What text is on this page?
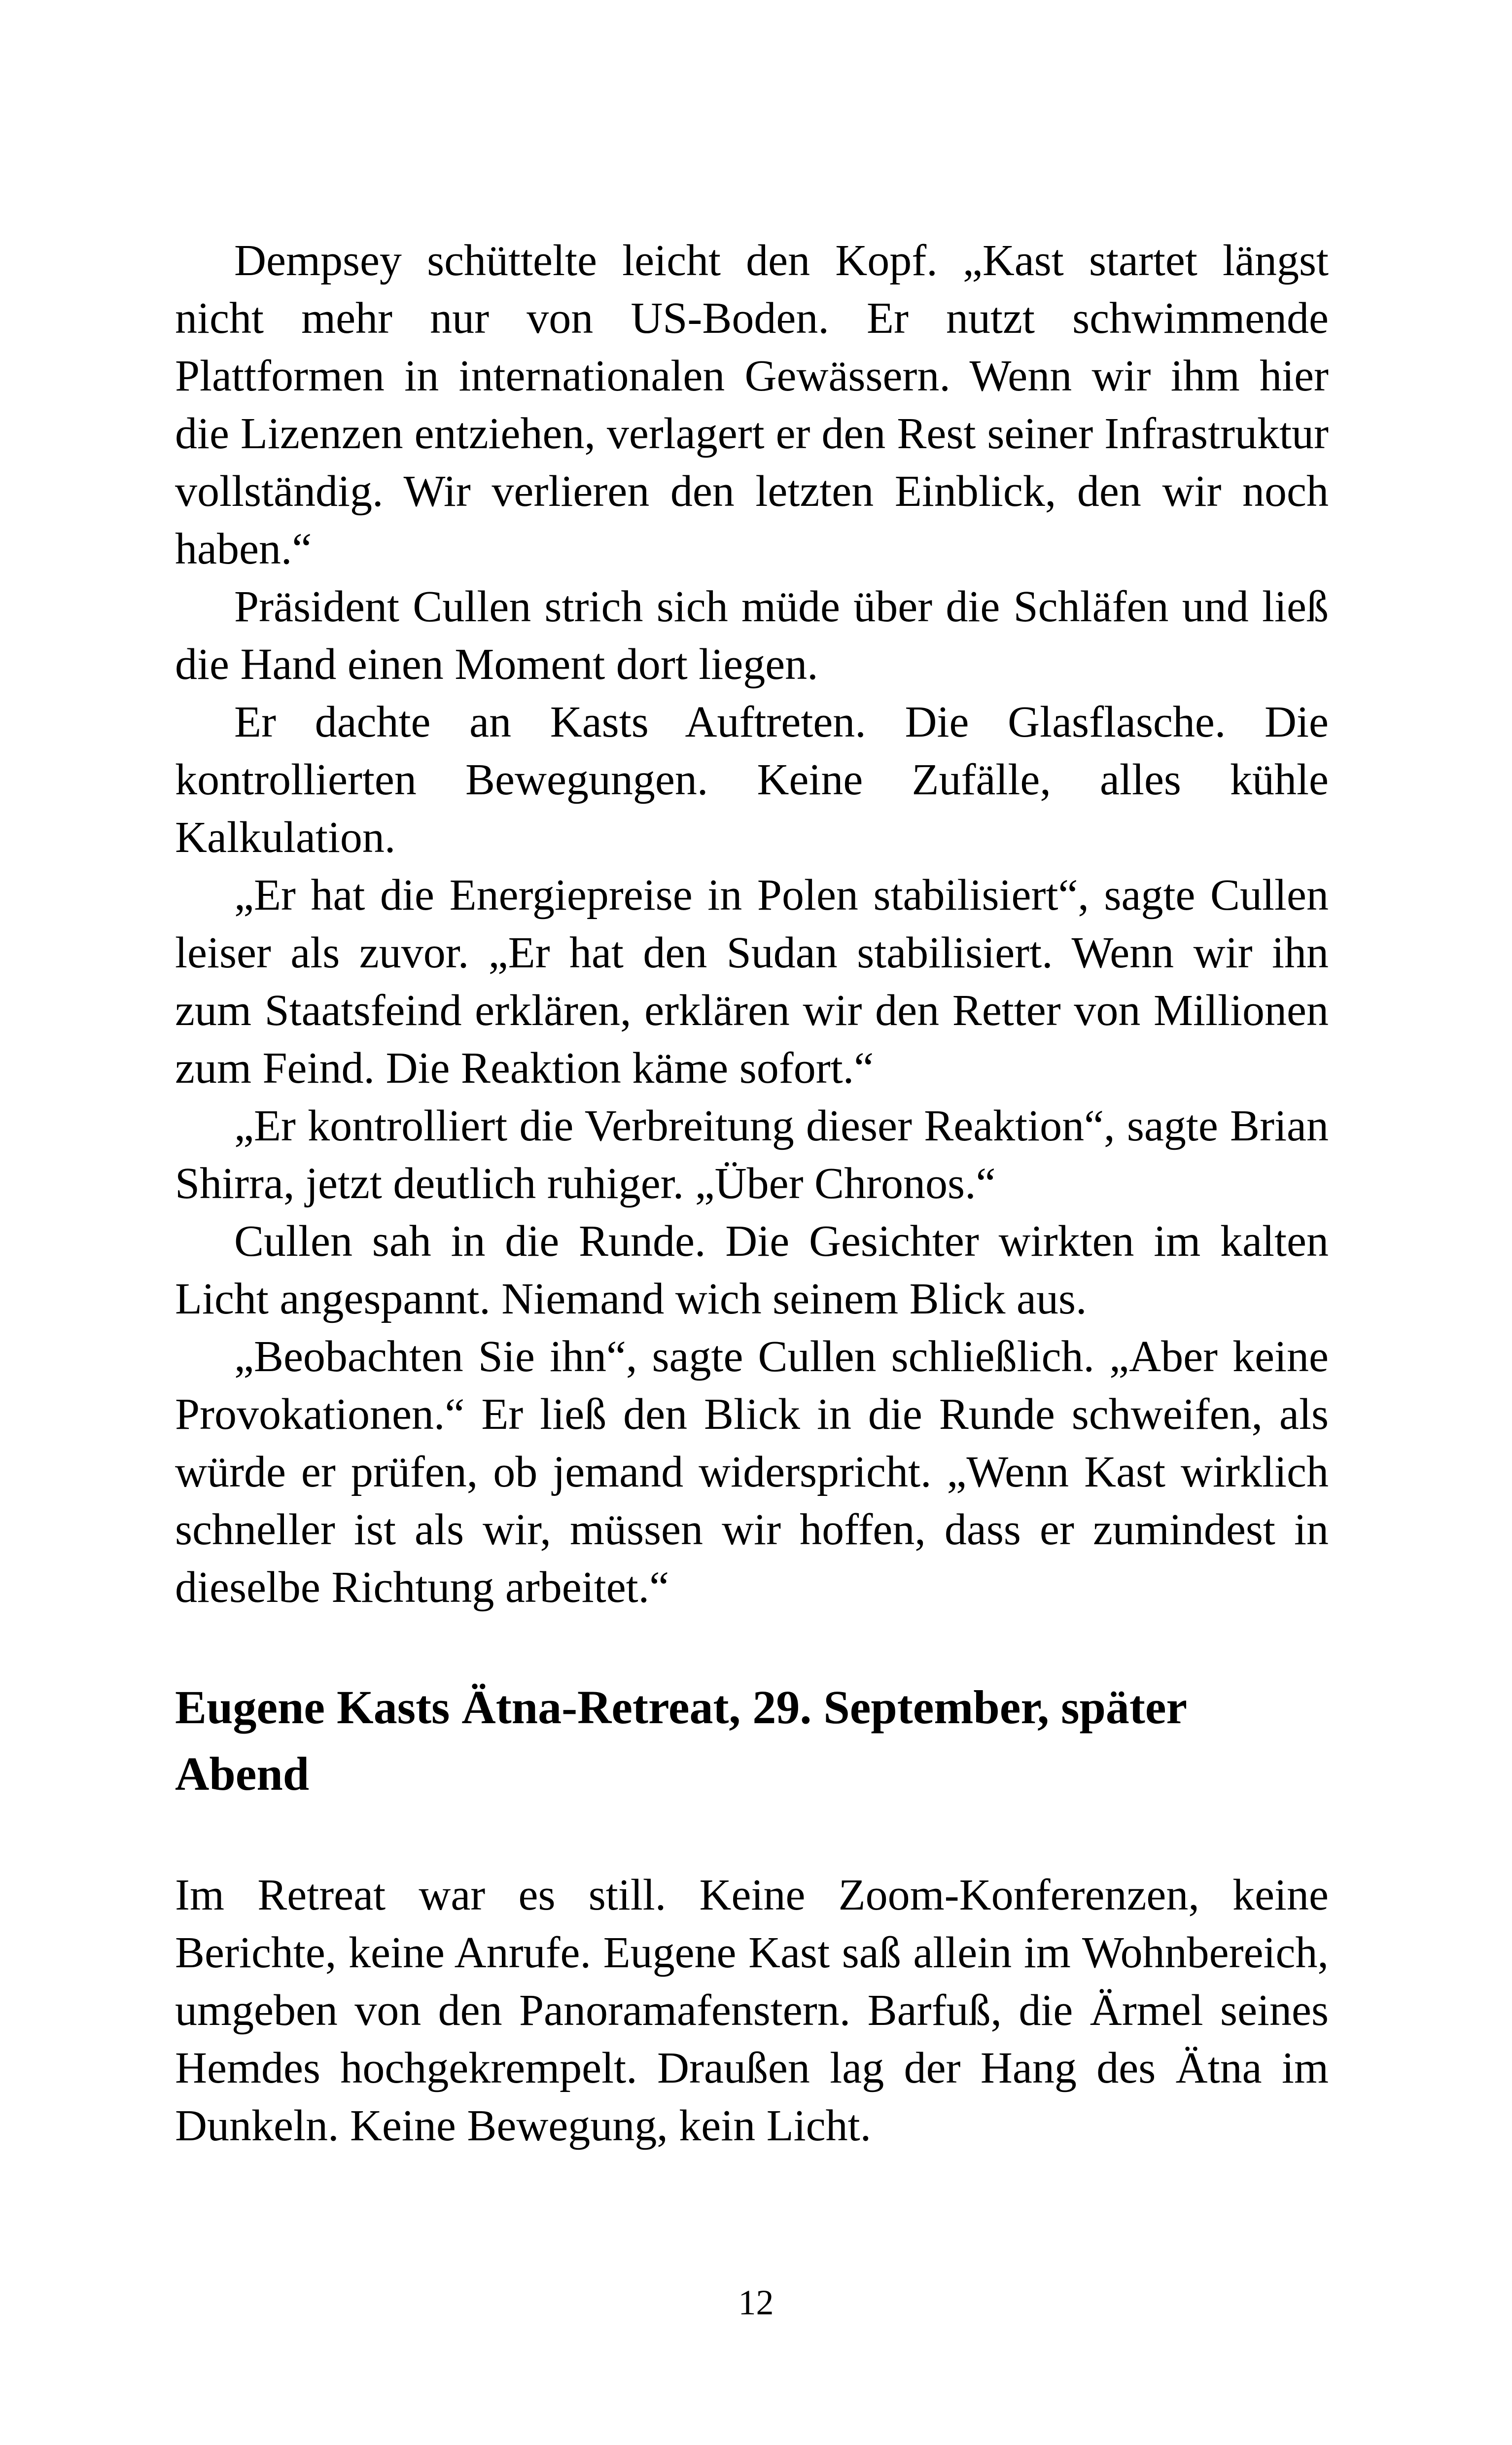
Dempsey schüttelte leicht den Kopf. „Kast startet längst nicht mehr nur von US-Boden. Er nutzt schwimmende Plattformen in internationalen Gewässern. Wenn wir ihm hier die Lizenzen entziehen, verlagert er den Rest seiner Infrastruktur vollständig. Wir verlieren den letzten Einblick, den wir noch haben.“

Präsident Cullen strich sich müde über die Schläfen und ließ die Hand einen Moment dort liegen.

Er dachte an Kasts Auftreten. Die Glasflasche. Die kontrollierten Bewegungen. Keine Zufälle, alles kühle Kalkulation.

„Er hat die Energiepreise in Polen stabilisiert“, sagte Cullen leiser als zuvor. „Er hat den Sudan stabilisiert. Wenn wir ihn zum Staatsfeind erklären, erklären wir den Retter von Millionen zum Feind. Die Reaktion käme sofort.“

„Er kontrolliert die Verbreitung dieser Reaktion“, sagte Brian Shirra, jetzt deutlich ruhiger. „Über Chronos.“

Cullen sah in die Runde. Die Gesichter wirkten im kalten Licht angespannt. Niemand wich seinem Blick aus.

„Beobachten Sie ihn“, sagte Cullen schließlich. „Aber keine Provokationen.“ Er ließ den Blick in die Runde schweifen, als würde er prüfen, ob jemand widerspricht. „Wenn Kast wirklich schneller ist als wir, müssen wir hoffen, dass er zumindest in dieselbe Richtung arbeitet.“

Eugene Kasts Ätna-Retreat, 29. September, später Abend

Im Retreat war es still. Keine Zoom-Konferenzen, keine Berichte, keine Anrufe. Eugene Kast saß allein im Wohnbereich, umgeben von den Panoramafenstern. Barfuß, die Ärmel seines Hemdes hochgekrempelt. Draußen lag der Hang des Ätna im Dunkeln. Keine Bewegung, kein Licht.

12
